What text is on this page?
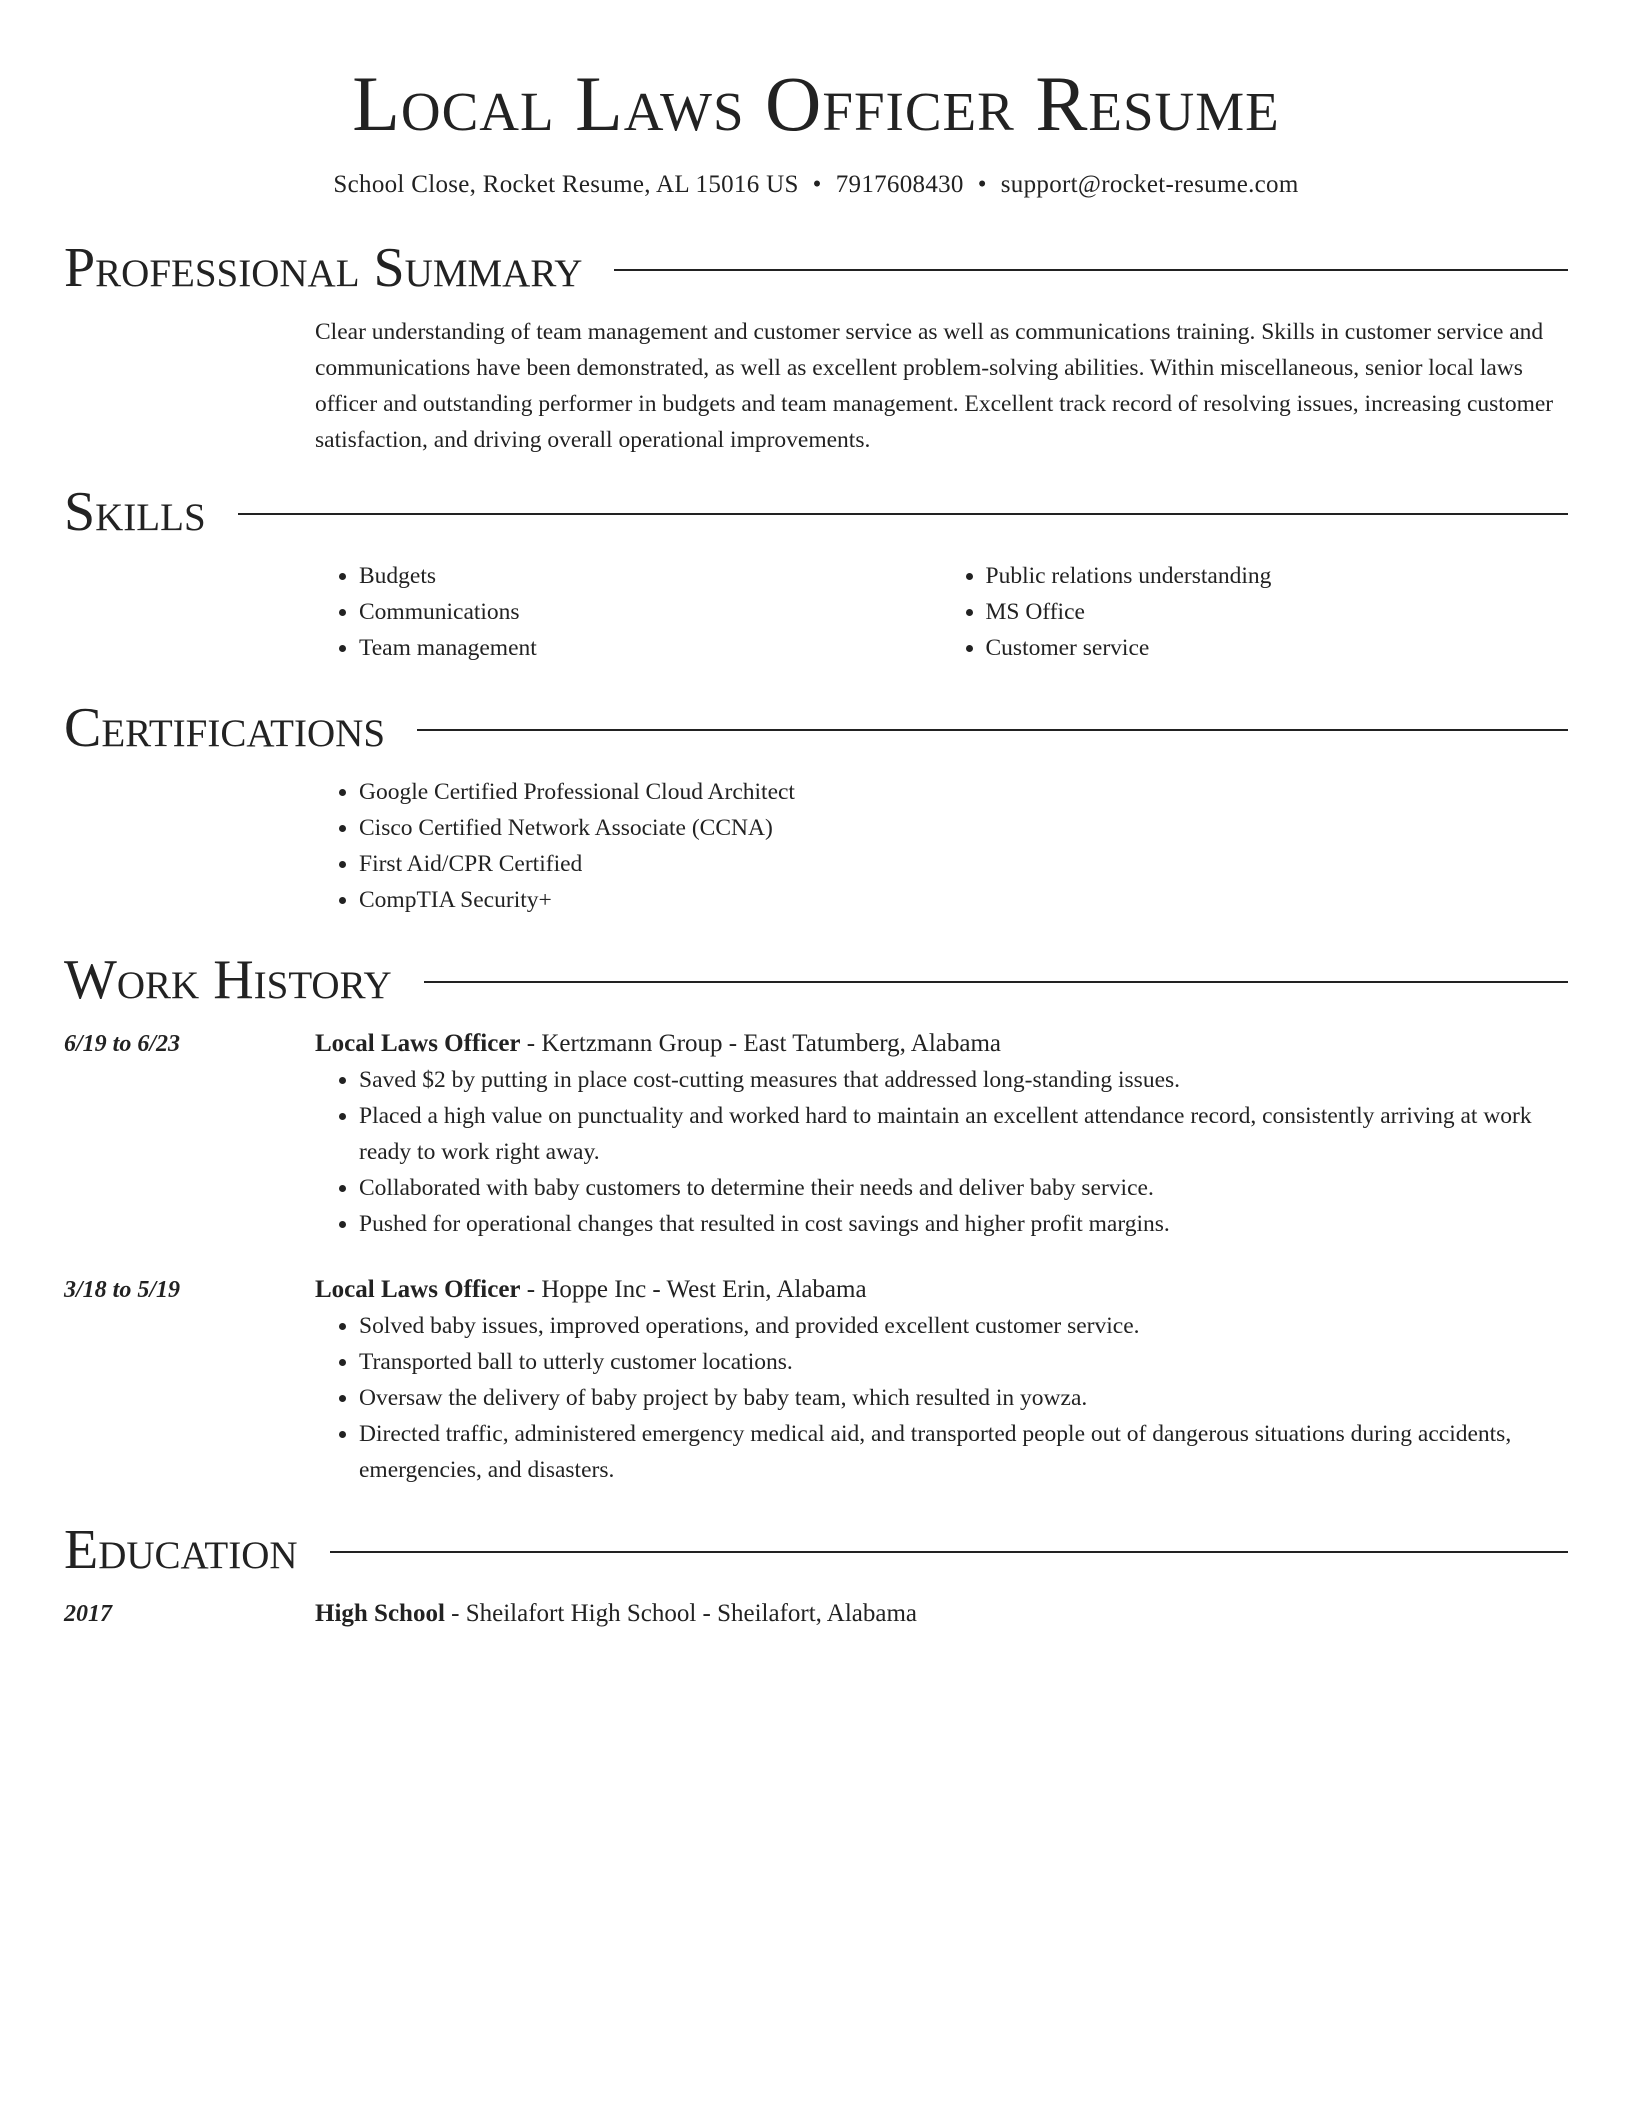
Local Laws Officer Resume
School Close, Rocket Resume, AL 15016 US • 7917608430 • support@rocket-resume.com
Professional Summary

Clear understanding of team management and customer service as well as communications training. Skills in customer service and communications have been demonstrated, as well as excellent problem-solving abilities. Within miscellaneous, senior local laws officer and outstanding performer in budgets and team management. Excellent track record of resolving issues, increasing customer satisfaction, and driving overall operational improvements.

Skills
• Budgets
• Communications
• Team management
• Public relations understanding
• MS Office
• Customer service
Certifications
• Google Certified Professional Cloud Architect
• Cisco Certified Network Associate (CCNA)
• First Aid/CPR Certified
• CompTIA Security+
Work History
6/19 to 6/23	Local Laws Officer - Kertzmann Group - East Tatumberg, Alabama
• Saved $2 by putting in place cost-cutting measures that addressed long-standing issues.
• Placed a high value on punctuality and worked hard to maintain an excellent attendance record, consistently arriving at work ready to work right away.
• Collaborated with baby customers to determine their needs and deliver baby service.
• Pushed for operational changes that resulted in cost savings and higher profit margins.
3/18 to 5/19	Local Laws Officer - Hoppe Inc - West Erin, Alabama
• Solved baby issues, improved operations, and provided excellent customer service.
• Transported ball to utterly customer locations.
• Oversaw the delivery of baby project by baby team, which resulted in yowza.
• Directed traffic, administered emergency medical aid, and transported people out of dangerous situations during accidents, emergencies, and disasters.
Education
2017	High School - Sheilafort High School - Sheilafort, Alabama
